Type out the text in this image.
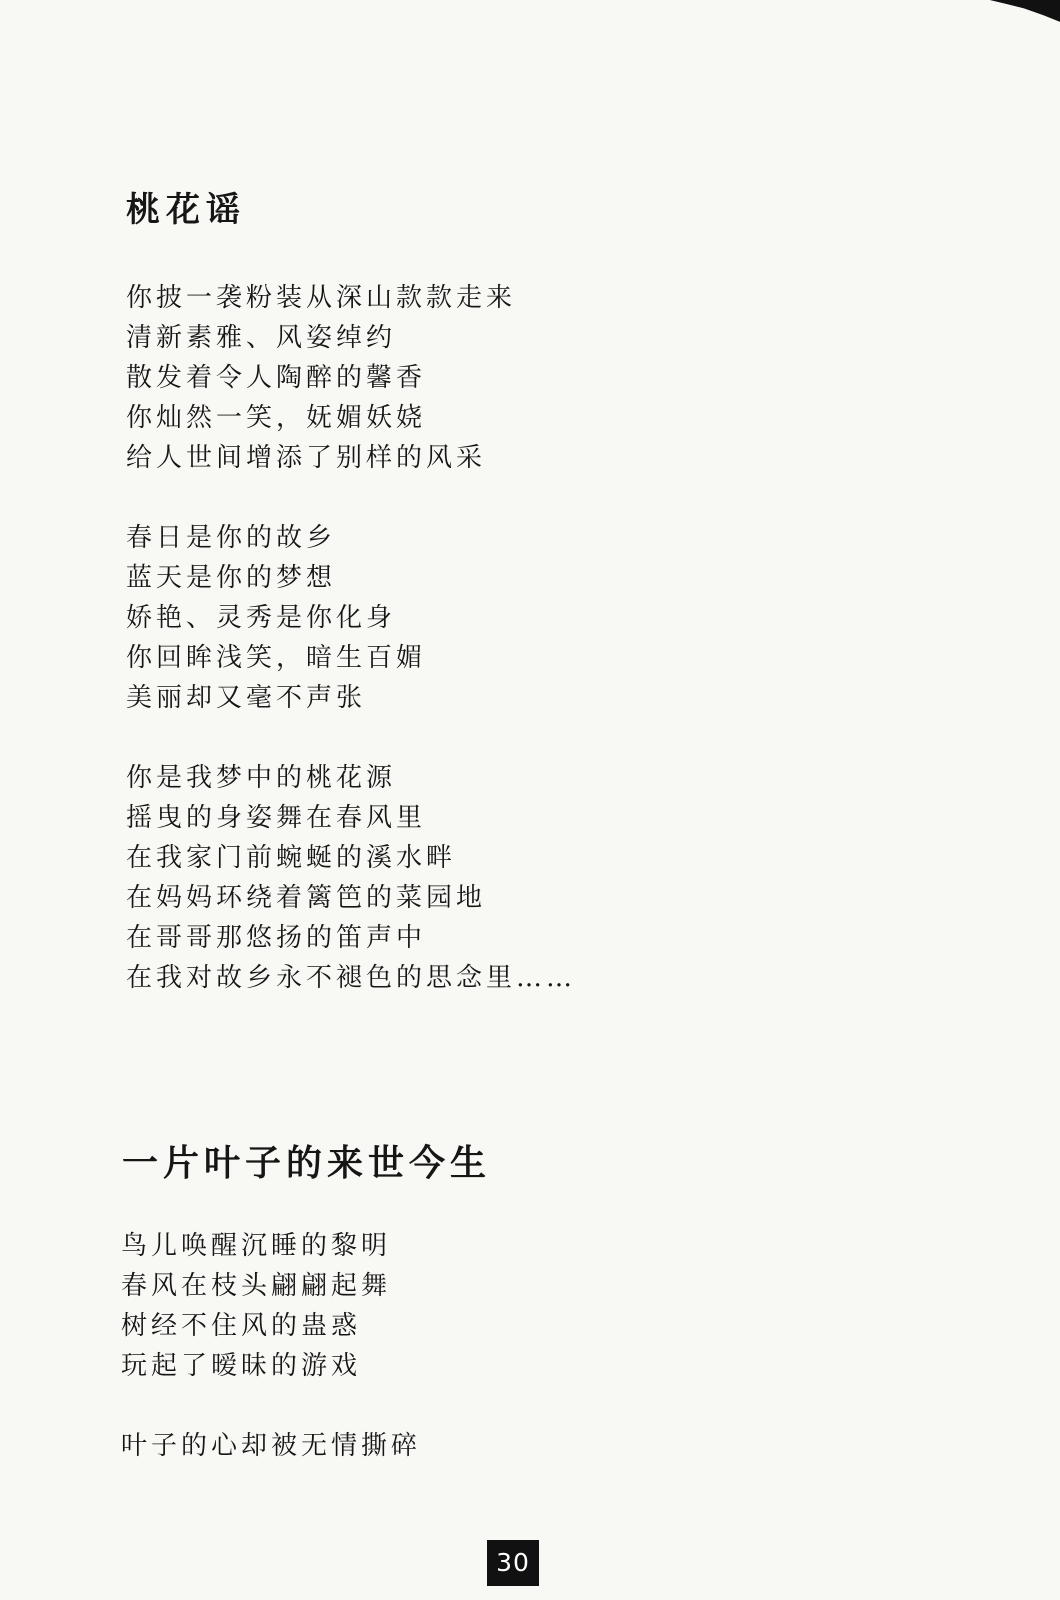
桃花谣
你披一袭粉装从深山款款走来
清新素雅、风姿绰约
散发着令人陶醉的馨香
你灿然一笑，妩媚妖娆
给人世间增添了别样的风采
春日是你的故乡
蓝天是你的梦想
娇艳、灵秀是你化身
你回眸浅笑，暗生百媚
美丽却又毫不声张
你是我梦中的桃花源
摇曳的身姿舞在春风里
在我家门前蜿蜒的溪水畔
在妈妈环绕着篱笆的菜园地
在哥哥那悠扬的笛声中
在我对故乡永不褪色的思念里……
一片叶子的来世今生
鸟儿唤醒沉睡的黎明
春风在枝头翩翩起舞
树经不住风的蛊惑
玩起了暧昧的游戏
叶子的心却被无情撕碎
30
